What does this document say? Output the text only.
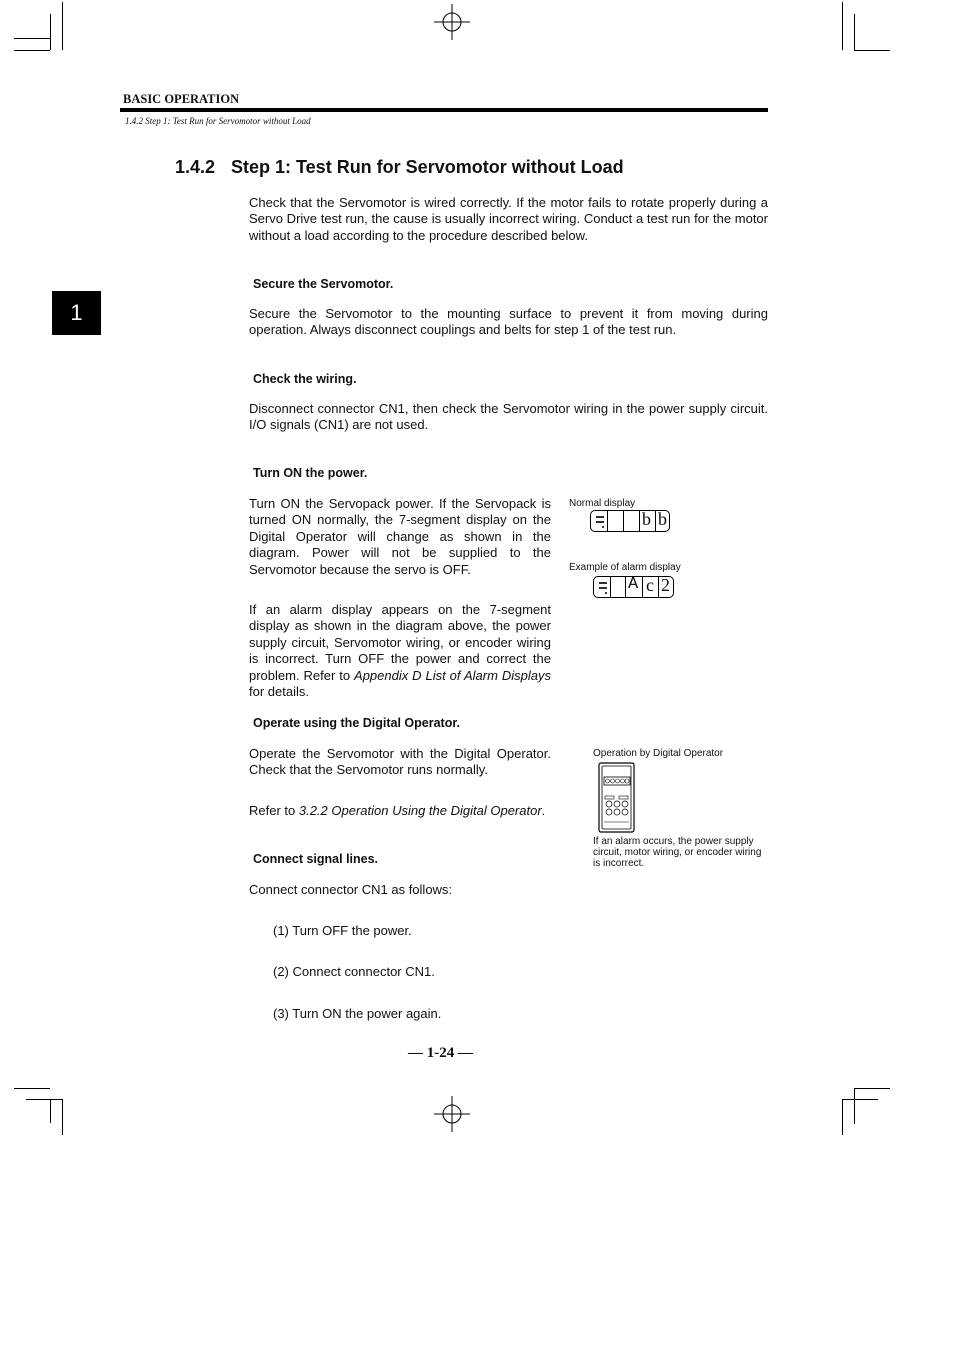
BASIC OPERATION
1.4.2 Step 1: Test Run for Servomotor without Load
1
1.4.2 Step 1: Test Run for Servomotor without Load
Check that the Servomotor is wired correctly. If the motor fails to rotate properly during a Servo Drive test run, the cause is usually incorrect wiring. Conduct a test run for the motor without a load according to the procedure described below.
Secure the Servomotor.
Secure the Servomotor to the mounting surface to prevent it from moving during operation. Always disconnect couplings and belts for step 1 of the test run.
Check the wiring.
Disconnect connector CN1, then check the Servomotor wiring in the power supply circuit. I/O signals (CN1) are not used.
Turn ON the power.
Turn ON the Servopack power. If the Servopack is turned ON normally, the 7-segment display on the Digital Operator will change as shown in the diagram. Power will not be supplied to the Servomotor because the servo is OFF.
If an alarm display appears on the 7-segment display as shown in the diagram above, the power supply circuit, Servomotor wiring, or encoder wiring is incorrect. Turn OFF the power and correct the problem. Refer to Appendix D List of Alarm Displays for details.
Normal display
b b
Example of alarm display
A c 2
Operate using the Digital Operator.
Operate the Servomotor with the Digital Operator. Check that the Servomotor runs normally.
Refer to 3.2.2 Operation Using the Digital Operator.
Operation by Digital Operator
If an alarm occurs, the power supply circuit, motor wiring, or encoder wiring is incorrect.
Connect signal lines.
Connect connector CN1 as follows:
(1) Turn OFF the power.
(2) Connect connector CN1.
(3) Turn ON the power again.
— 1-24 —
